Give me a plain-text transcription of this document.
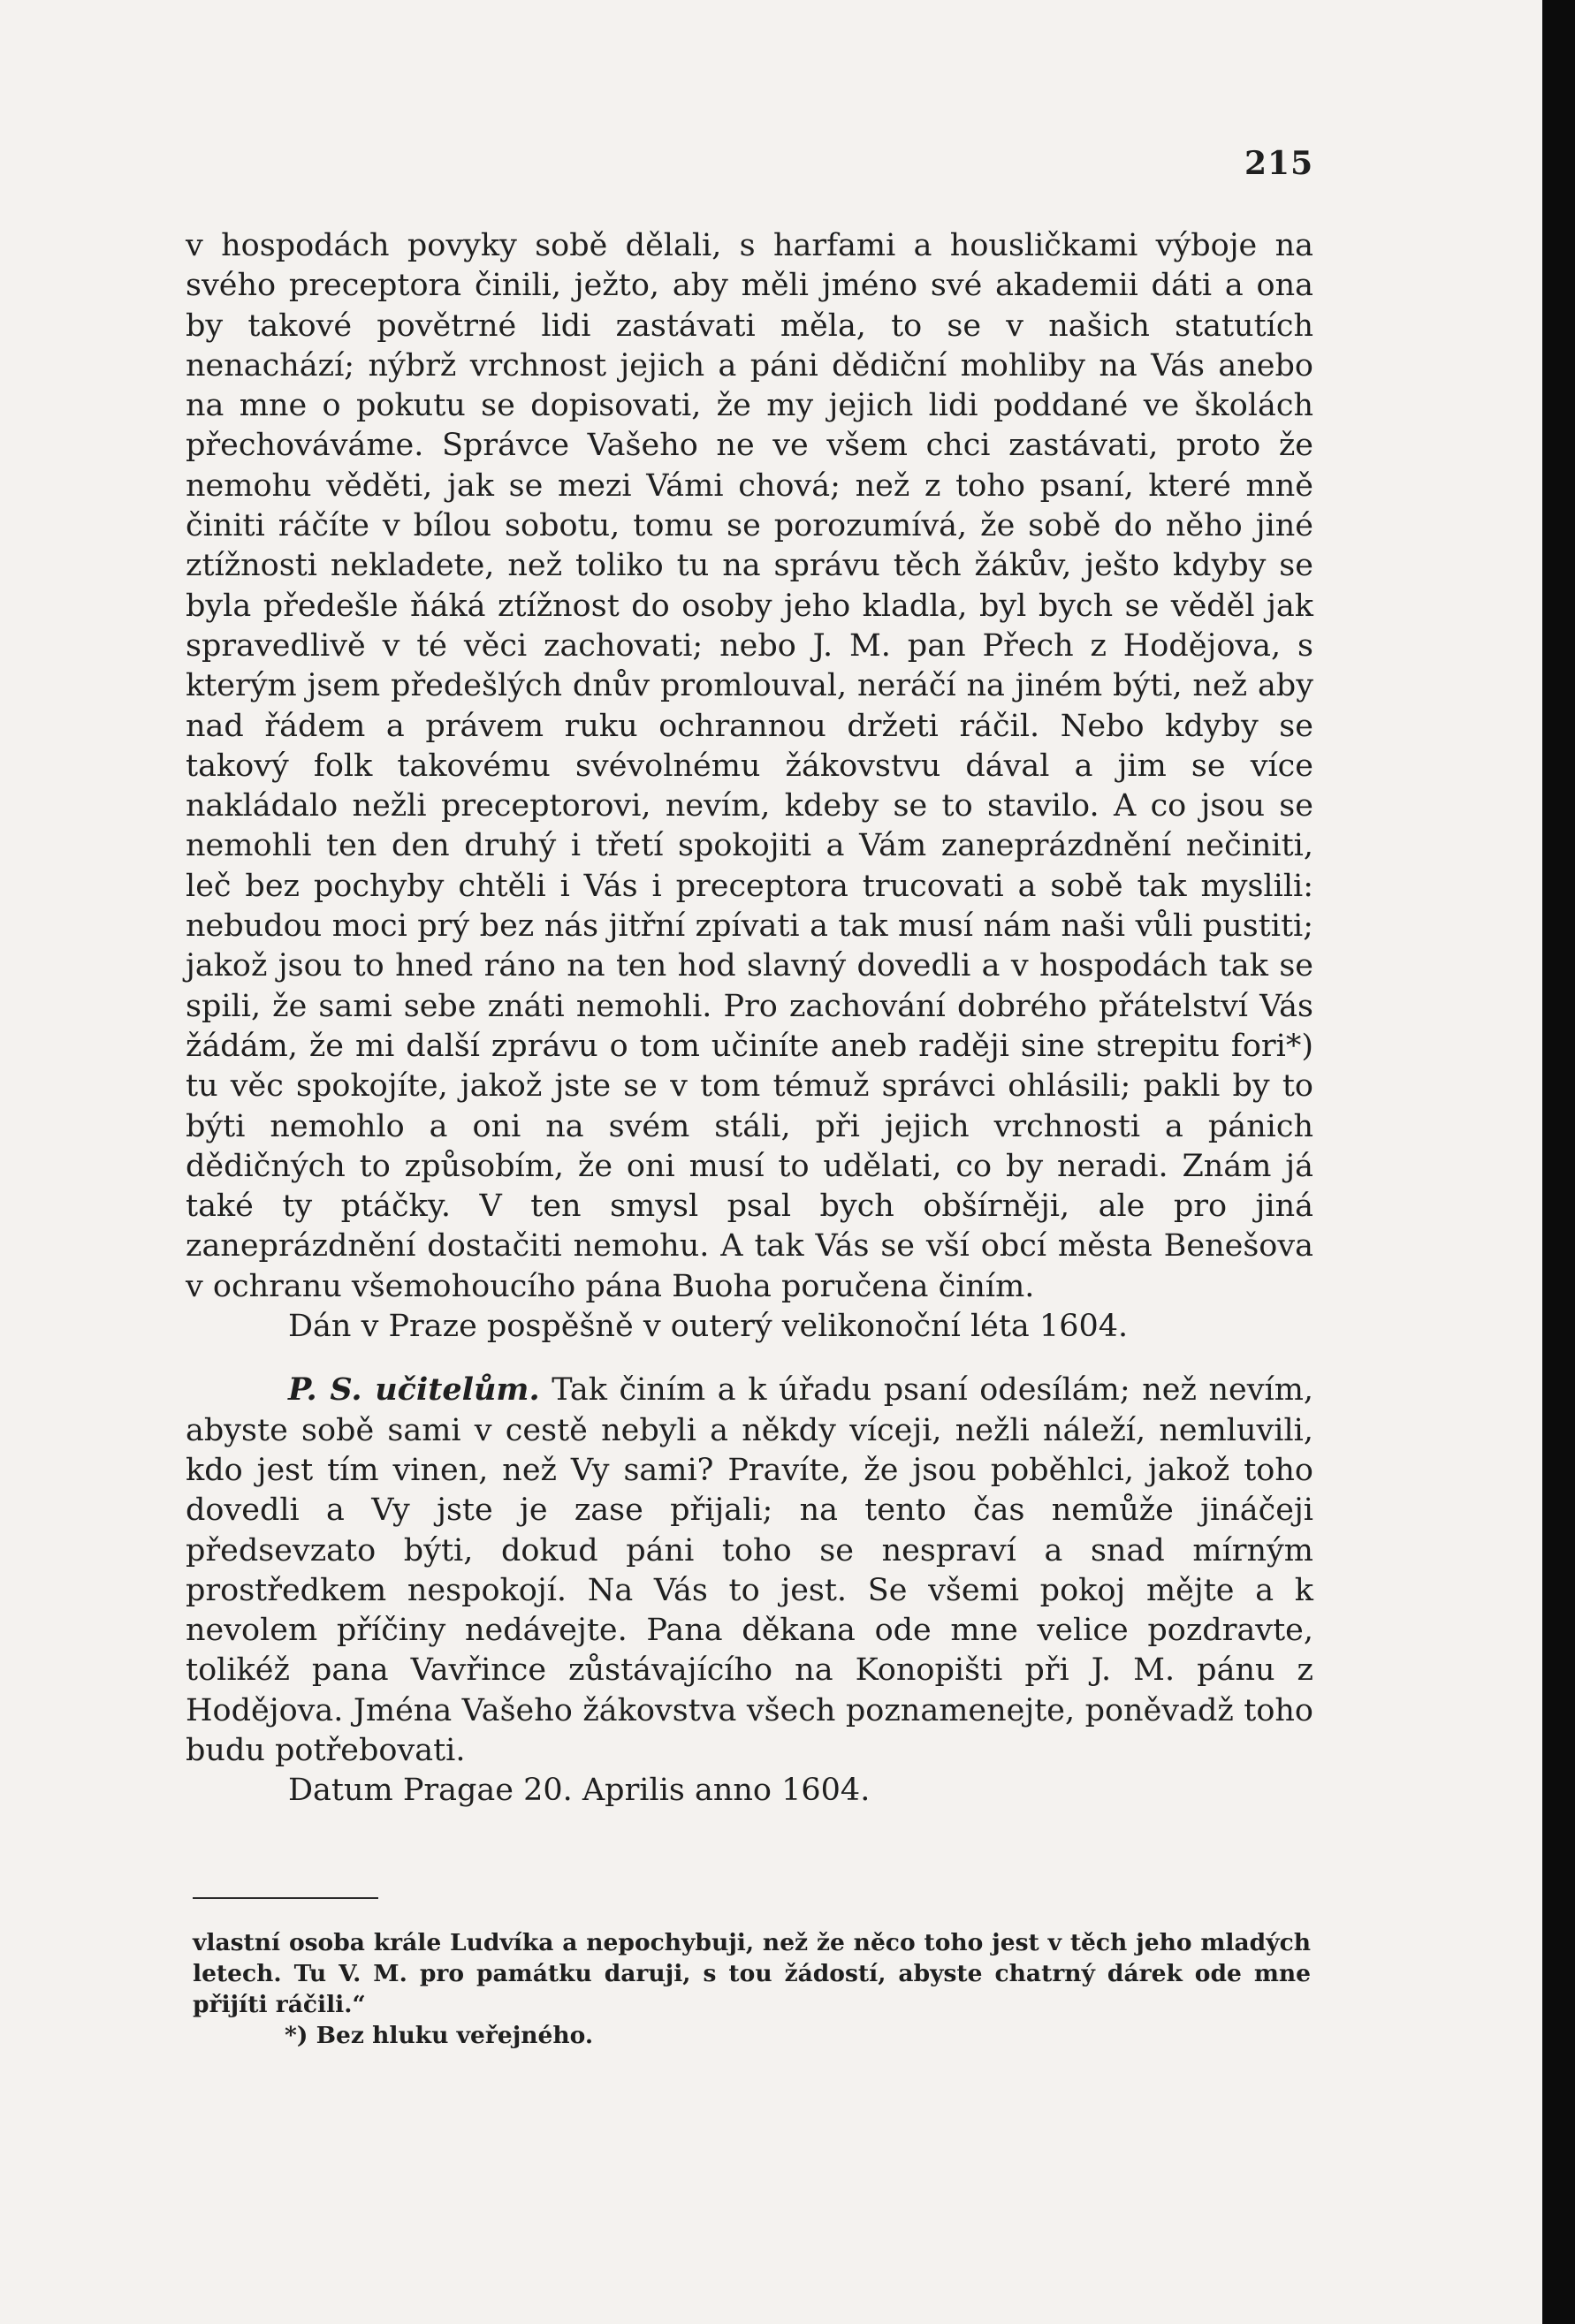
215

v hospodách povyky sobě dělali, s harfami a housličkami výboje na svého preceptora činili, ježto, aby měli jméno své akademii dáti a ona by takové povětrné lidi zastávati měla, to se v našich statutích nenachází; nýbrž vrchnost jejich a páni dědiční mohliby na Vás anebo na mne o pokutu se dopisovati, že my jejich lidi poddané ve školách přechováváme. Správce Vašeho ne ve všem chci zastávati, proto že nemohu věděti, jak se mezi Vámi chová; než z toho psaní, které mně činiti ráčíte v bílou sobotu, tomu se porozumívá, že sobě do něho jiné ztížnosti nekladete, než toliko tu na správu těch žákův, ješto kdyby se byla předešle ňáká ztížnost do osoby jeho kladla, byl bych se věděl jak spravedlivě v té věci zachovati; nebo J. M. pan Přech z Hodějova, s kterým jsem předešlých dnův promlouval, neráčí na jiném býti, než aby nad řádem a právem ruku ochrannou držeti ráčil. Nebo kdyby se takový folk takovému svévolnému žákovstvu dával a jim se více nakládalo nežli preceptorovi, nevím, kdeby se to stavilo. A co jsou se nemohli ten den druhý i třetí spokojiti a Vám zaneprázdnění nečiniti, leč bez pochyby chtěli i Vás i preceptora trucovati a sobě tak myslili: nebudou moci prý bez nás jitřní zpívati a tak musí nám naši vůli pustiti; jakož jsou to hned ráno na ten hod slavný dovedli a v hospodách tak se spili, že sami sebe znáti nemohli. Pro zachování dobrého přátelství Vás žádám, že mi další zprávu o tom učiníte aneb raději sine strepitu fori*) tu věc spokojíte, jakož jste se v tom témuž správci ohlásili; pakli by to býti nemohlo a oni na svém stáli, při jejich vrchnosti a pánich dědičných to způsobím, že oni musí to udělati, co by neradi. Znám já také ty ptáčky. V ten smysl psal bych obšírněji, ale pro jiná zaneprázdnění dostačiti nemohu. A tak Vás se vší obcí města Benešova v ochranu všemohoucího pána Buoha poručena činím.

Dán v Praze pospěšně v outerý velikonoční léta 1604.

P. S. učitelům. Tak činím a k úřadu psaní odesílám; než nevím, abyste sobě sami v cestě nebyli a někdy víceji, nežli náleží, nemluvili, kdo jest tím vinen, než Vy sami? Pravíte, že jsou poběhlci, jakož toho dovedli a Vy jste je zase přijali; na tento čas nemůže jináčeji předsevzato býti, dokud páni toho se nespraví a snad mírným prostředkem nespokojí. Na Vás to jest. Se všemi pokoj mějte a k nevolem příčiny nedávejte. Pana děkana ode mne velice pozdravte, tolikéž pana Vavřince zůstávajícího na Konopišti při J. M. pánu z Hodějova. Jména Vašeho žákovstva všech poznamenejte, poněvadž toho budu potřebovati.

Datum Pragae 20. Aprilis anno 1604.

vlastní osoba krále Ludvíka a nepochybuji, než že něco toho jest v těch jeho mladých letech. Tu V. M. pro památku daruji, s tou žádostí, abyste chatrný dárek ode mne přijíti ráčili.“

*) Bez hluku veřejného.
